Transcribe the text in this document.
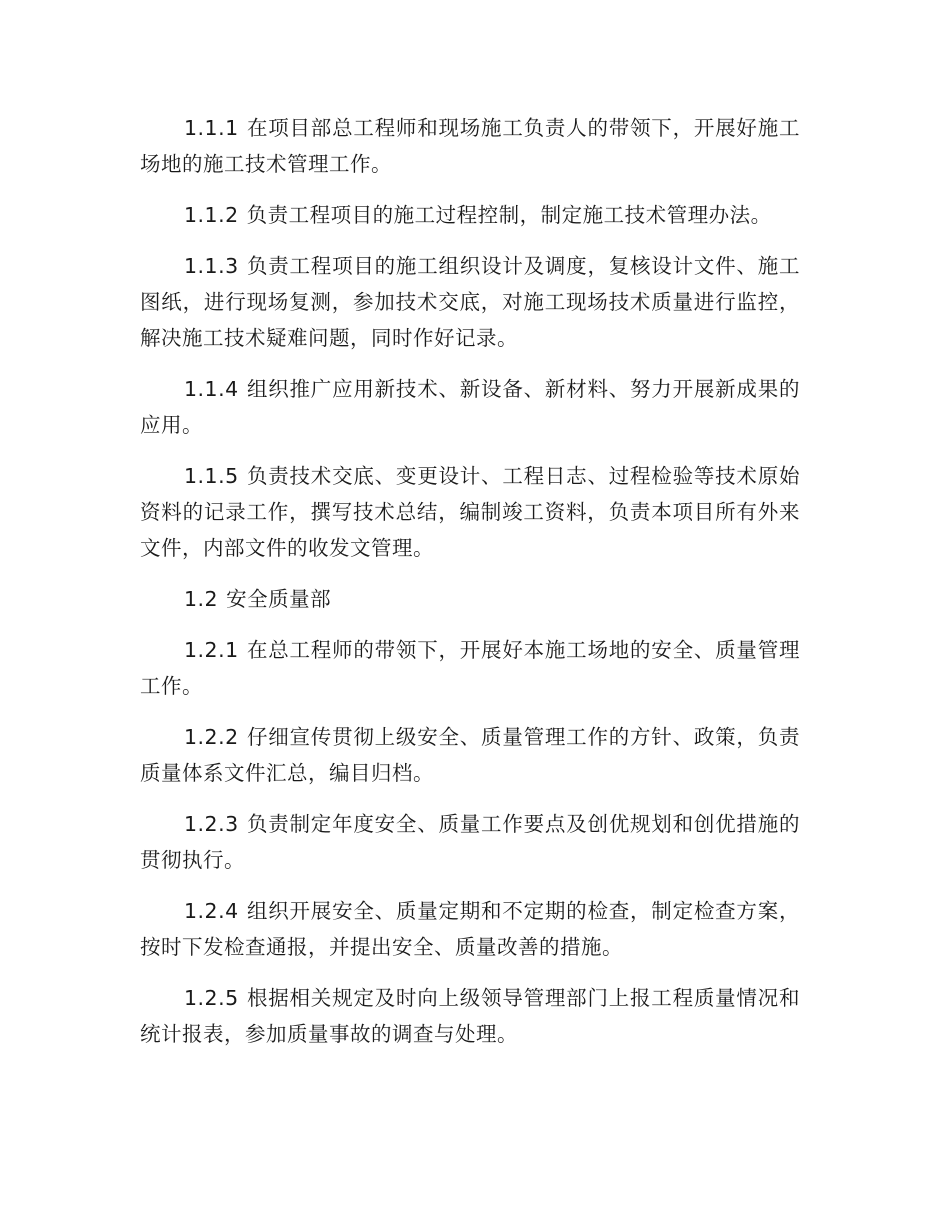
1.1.1 在项目部总工程师和现场施工负责人的带领下，开展好施工场地的施工技术管理工作。

1.1.2 负责工程项目的施工过程控制，制定施工技术管理办法。

1.1.3 负责工程项目的施工组织设计及调度，复核设计文件、施工图纸，进行现场复测，参加技术交底，对施工现场技术质量进行监控，解决施工技术疑难问题，同时作好记录。

1.1.4 组织推广应用新技术、新设备、新材料、努力开展新成果的应用。

1.1.5 负责技术交底、变更设计、工程日志、过程检验等技术原始资料的记录工作，撰写技术总结，编制竣工资料，负责本项目所有外来文件，内部文件的收发文管理。

1.2 安全质量部

1.2.1 在总工程师的带领下，开展好本施工场地的安全、质量管理工作。

1.2.2 仔细宣传贯彻上级安全、质量管理工作的方针、政策，负责质量体系文件汇总，编目归档。

1.2.3 负责制定年度安全、质量工作要点及创优规划和创优措施的贯彻执行。

1.2.4 组织开展安全、质量定期和不定期的检查，制定检查方案，按时下发检查通报，并提出安全、质量改善的措施。

1.2.5 根据相关规定及时向上级领导管理部门上报工程质量情况和统计报表，参加质量事故的调查与处理。
